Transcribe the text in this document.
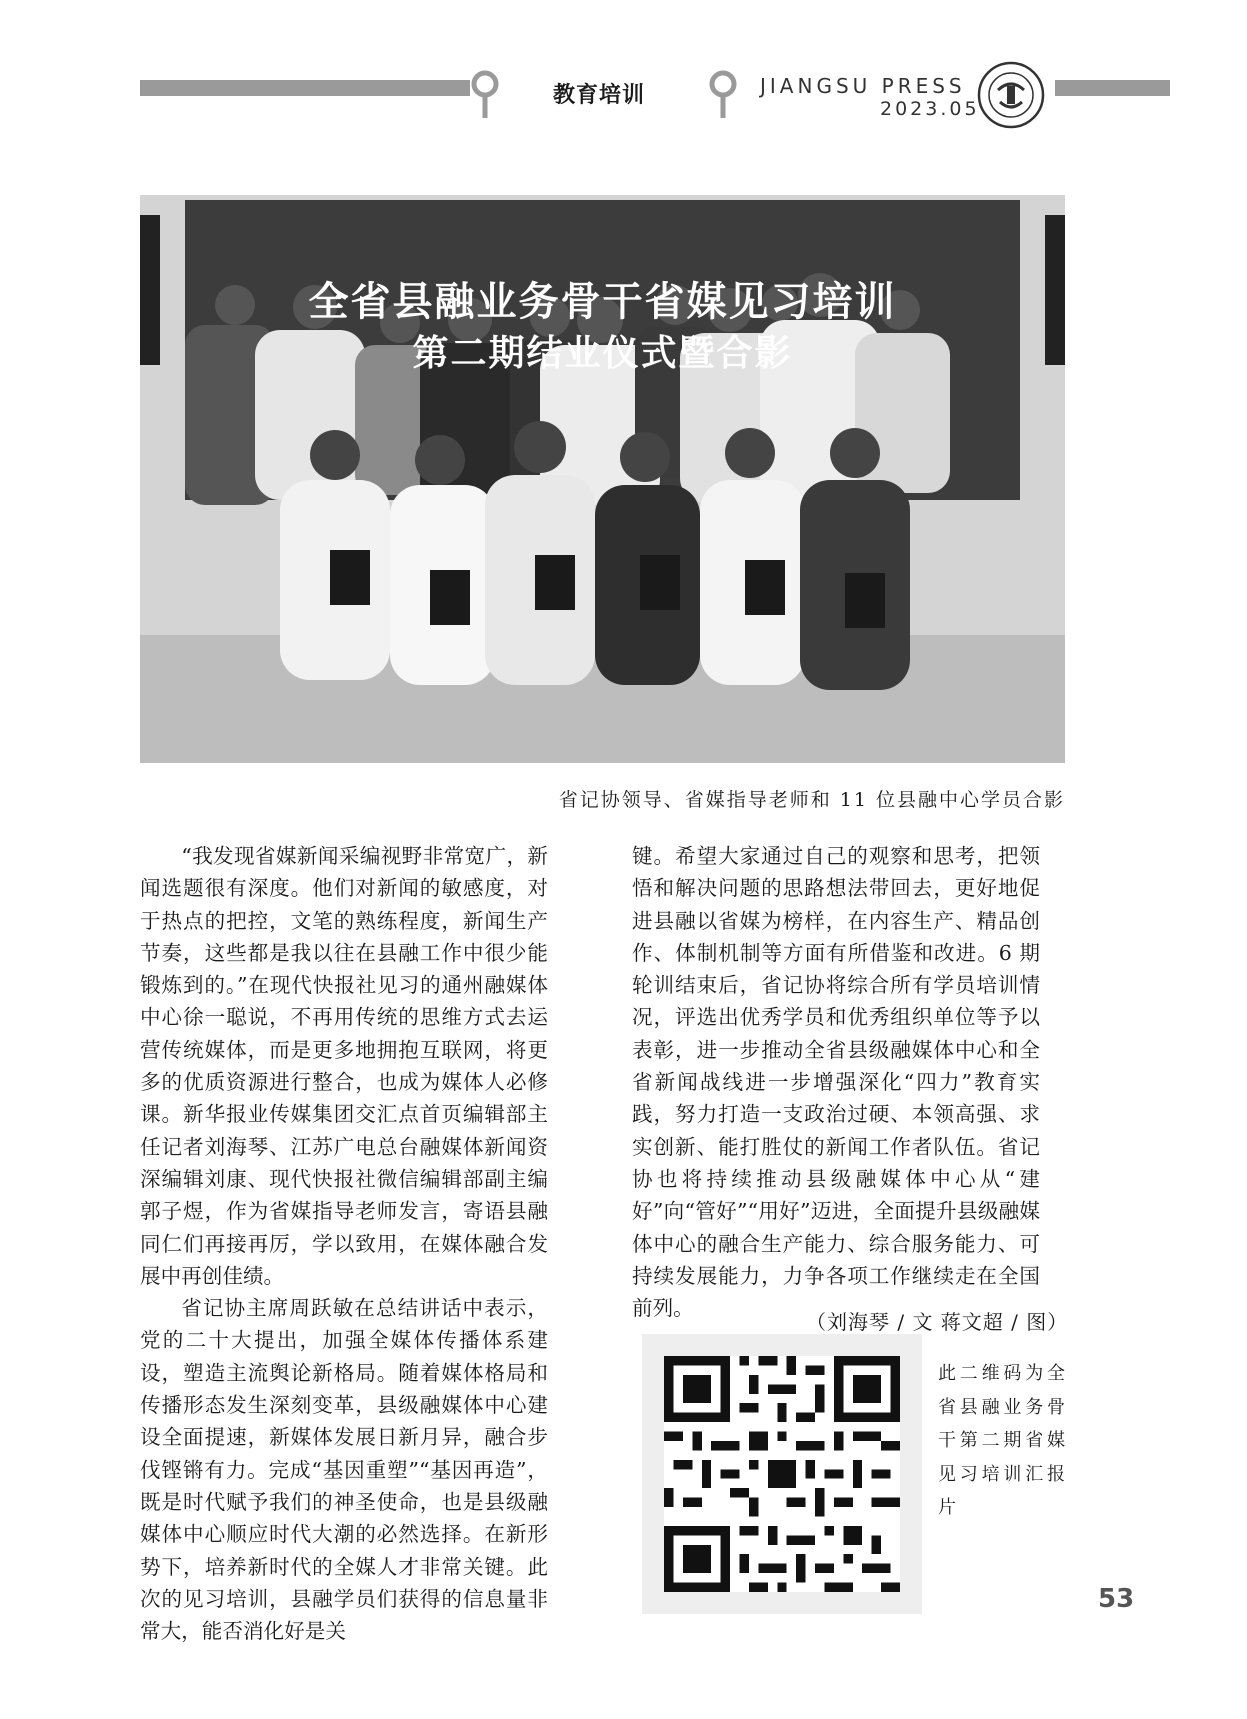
教育培训	JIANGSU PRESS
2023.05
全省县融业务骨干省媒见习培训
第二期结业仪式暨合影
省记协领导、省媒指导老师和 11 位县融中心学员合影

“我发现省媒新闻采编视野非常宽广，新闻选题很有深度。他们对新闻的敏感度，对于热点的把控，文笔的熟练程度，新闻生产节奏，这些都是我以往在县融工作中很少能锻炼到的。”在现代快报社见习的通州融媒体中心徐一聪说，不再用传统的思维方式去运营传统媒体，而是更多地拥抱互联网，将更多的优质资源进行整合，也成为媒体人必修课。新华报业传媒集团交汇点首页编辑部主任记者刘海琴、江苏广电总台融媒体新闻资深编辑刘康、现代快报社微信编辑部副主编郭子煜，作为省媒指导老师发言，寄语县融同仁们再接再厉，学以致用，在媒体融合发展中再创佳绩。

省记协主席周跃敏在总结讲话中表示，党的二十大提出，加强全媒体传播体系建设，塑造主流舆论新格局。随着媒体格局和传播形态发生深刻变革，县级融媒体中心建设全面提速，新媒体发展日新月异，融合步伐铿锵有力。完成“基因重塑”“基因再造”，既是时代赋予我们的神圣使命，也是县级融媒体中心顺应时代大潮的必然选择。在新形势下，培养新时代的全媒人才非常关键。此次的见习培训，县融学员们获得的信息量非常大，能否消化好是关

键。希望大家通过自己的观察和思考，把领悟和解决问题的思路想法带回去，更好地促进县融以省媒为榜样，在内容生产、精品创作、体制机制等方面有所借鉴和改进。6 期轮训结束后，省记协将综合所有学员培训情况，评选出优秀学员和优秀组织单位等予以表彰，进一步推动全省县级融媒体中心和全省新闻战线进一步增强深化“四力”教育实践，努力打造一支政治过硬、本领高强、求实创新、能打胜仗的新闻工作者队伍。省记协也将持续推动县级融媒体中心从“建好”向“管好”“用好”迈进，全面提升县级融媒体中心的融合生产能力、综合服务能力、可持续发展能力，力争各项工作继续走在全国前列。

（刘海琴 / 文 蒋文超 / 图）
此二维码为全省县融业务骨干第二期省媒见习培训汇报片
53
